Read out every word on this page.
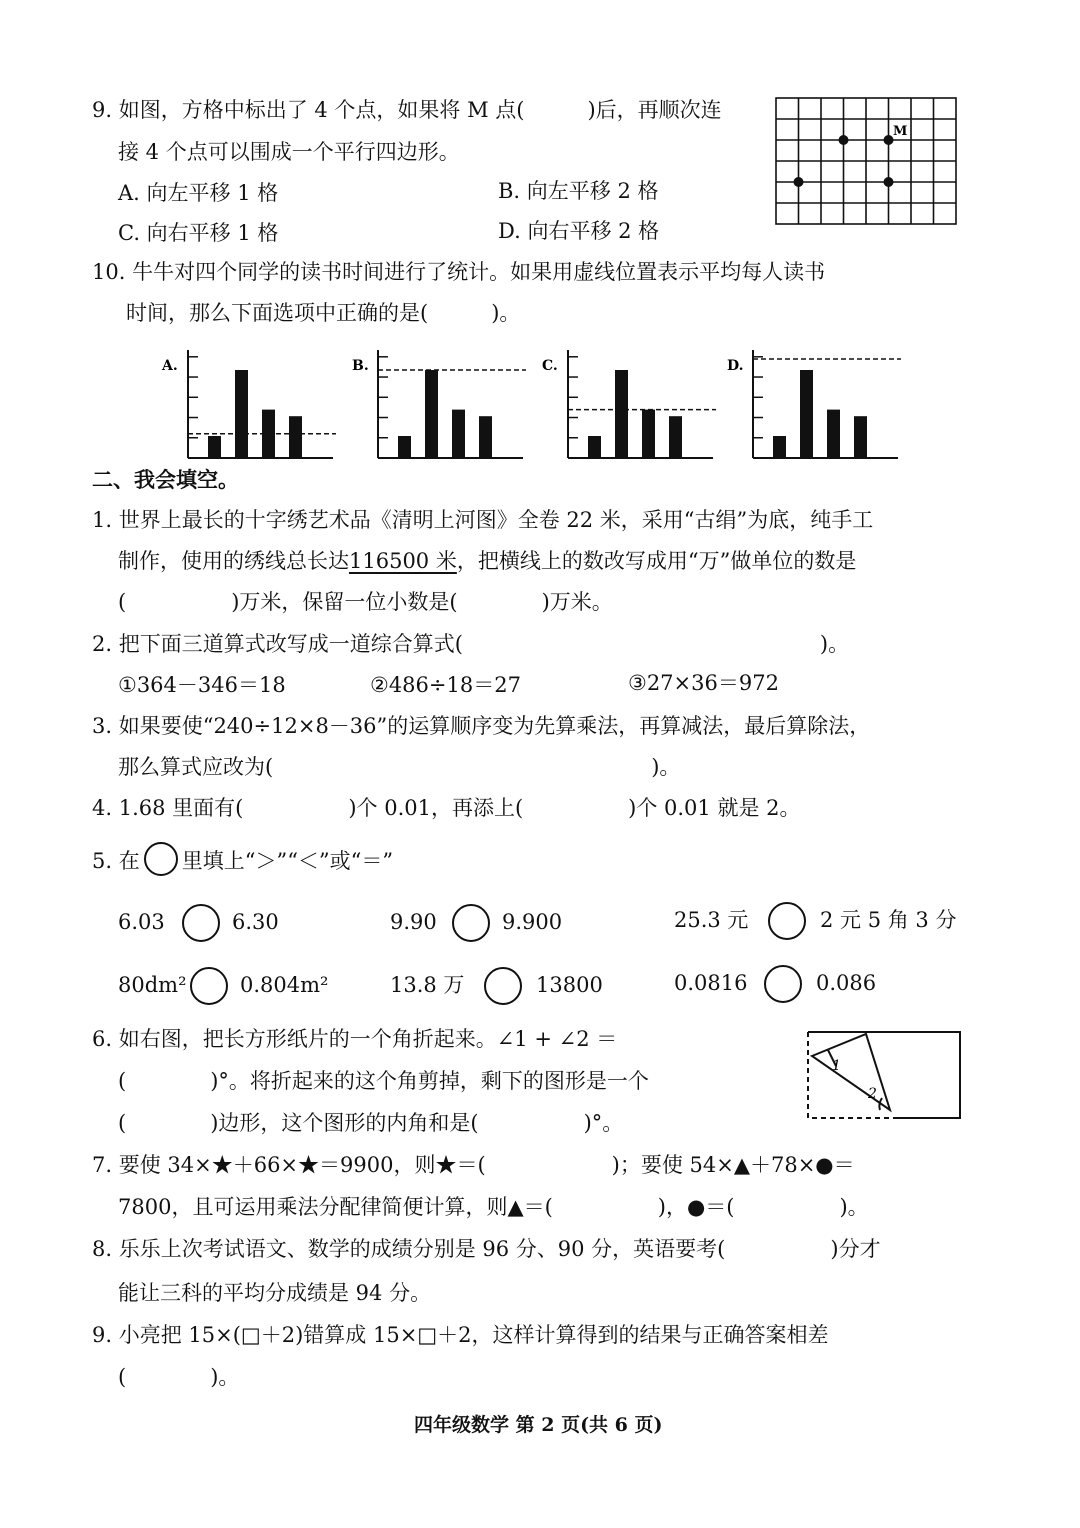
9. 如图，方格中标出了 4 个点，如果将 M 点(　　　)后，再顺次连
接 4 个点可以围成一个平行四边形。
A. 向左平移 1 格	B. 向左平移 2 格
C. 向右平移 1 格	D. 向右平移 2 格
M
10. 牛牛对四个同学的读书时间进行了统计。如果用虚线位置表示平均每人读书
时间，那么下面选项中正确的是(　　　)。
A.	B.	C.	D.
二、我会填空。
1. 世界上最长的十字绣艺术品《清明上河图》全卷 22 米，采用“古绢”为底，纯手工
制作，使用的绣线总长达116500 米，把横线上的数改写成用“万”做单位的数是
(　　　　　)万米，保留一位小数是(　　　　)万米。
2. 把下面三道算式改写成一道综合算式(　　　　　　　　　　　　　　　　　)。
①364－346＝18	②486÷18＝27	③27×36＝972
3. 如果要使“240÷12×8－36”的运算顺序变为先算乘法，再算减法，最后算除法，
那么算式应改为(　　　　　　　　　　　　　　　　　　)。
4. 1.68 里面有(　　　　　)个 0.01，再添上(　　　　　)个 0.01 就是 2。
5. 在 里填上“＞”“＜”或“＝”
6.03	6.30	9.90	9.900	25.3 元	2 元 5 角 3 分
80dm²	0.804m²	13.8 万	13800	0.0816	0.086
6. 如右图，把长方形纸片的一个角折起来。∠1 + ∠2 ＝
(　　　　)°。将折起来的这个角剪掉，剩下的图形是一个
(　　　　)边形，这个图形的内角和是(　　　　　)°。
1
2
7. 要使 34×★＋66×★＝9900，则★＝(　　　　　　)；要使 54×▲＋78×●＝
7800，且可运用乘法分配律简便计算，则▲＝(　　　　　)，●＝(　　　　　)。
8. 乐乐上次考试语文、数学的成绩分别是 96 分、90 分，英语要考(　　　　　)分才
能让三科的平均分成绩是 94 分。
9. 小亮把 15×(□＋2)错算成 15×□＋2，这样计算得到的结果与正确答案相差
(　　　　)。
四年级数学 第 2 页(共 6 页)
